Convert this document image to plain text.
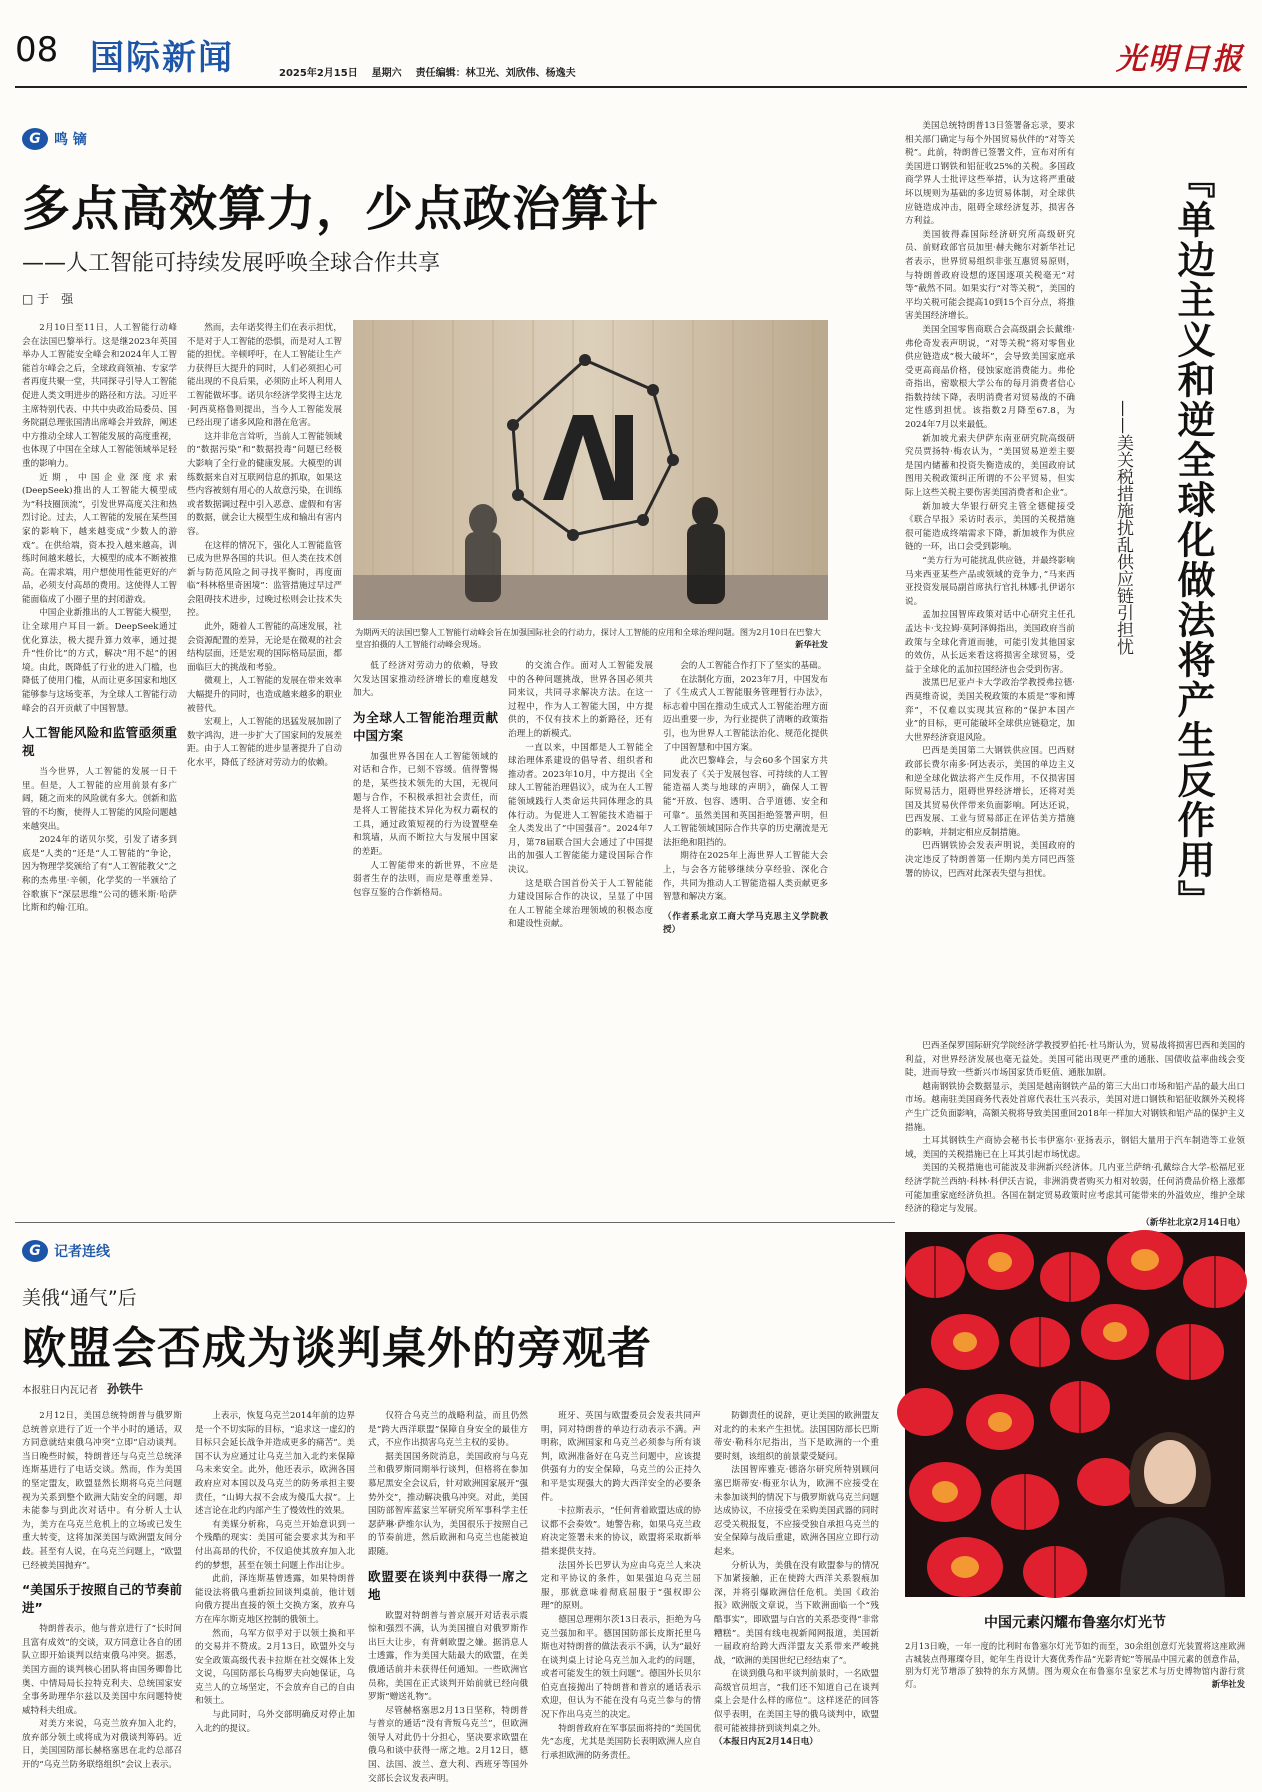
08 国际新闻	2025年2月15日 星期六 责任编辑：林卫光、刘欣伟、杨逸夫	光明日报
G 鸣 镝
多点高效算力，少点政治算计
——人工智能可持续发展呼唤全球合作共享
□ 于　强

2月10日至11日，人工智能行动峰会在法国巴黎举行。这是继2023年英国举办人工智能安全峰会和2024年人工智能首尔峰会之后，全球政商领袖、专家学者再度共聚一堂，共同探寻引导人工智能促进人类文明进步的路径和方法。习近平主席特别代表、中共中央政治局委员、国务院副总理张国清出席峰会并致辞，阐述中方推动全球人工智能发展的高度重视，也体现了中国在全球人工智能领域举足轻重的影响力。

近期，中国企业深度求索(DeepSeek)推出的人工智能大模型成为“科技圈顶流”，引发世界高度关注和热烈讨论。过去，人工智能的发展在某些国家的影响下，越来越变成“少数人的游戏”。在供给端，资本投入越来越高，训练时间越来越长，大模型的成本不断被推高。在需求端，用户想使用性能更好的产品，必须支付高昂的费用。这使得人工智能面临成了小圈子里的封闭游戏。

中国企业新推出的人工智能大模型，让全球用户耳目一新。DeepSeek通过优化算法，极大提升算力效率，通过提升“性价比”的方式，解决“用不起”的困境。由此，既降低了行业的进入门槛，也降低了使用门槛，从而让更多国家和地区能够参与这场变革，为全球人工智能行动峰会的召开贡献了中国智慧。

人工智能风险和监管亟须重视

当今世界，人工智能的发展一日千里。但是，人工智能的应用前景有多广阔，随之而来的风险就有多大。创新和监管的不均衡，使得人工智能的风险问题越来越突出。

2024年的诺贝尔奖，引发了诸多到底是“人类的”还是“人工智能的”争论，因为物理学奖颁给了有“人工智能教父”之称的杰弗里·辛顿，化学奖的一半颁给了谷歌旗下“深层思维”公司的德米斯·哈萨比斯和约翰·江珀。

然而，去年诺奖得主们在表示担忧，不是对于人工智能的恐惧，而是对人工智能的担忧。辛顿呼吁，在人工智能让生产力获得巨大提升的同时，人们必须担心可能出现的不良后果，必须防止坏人利用人工智能做坏事。诺贝尔经济学奖得主达龙·阿西莫格鲁则提出，当今人工智能发展已经出现了诸多风险和潜在危害。

这并非危言耸听，当前人工智能领域的“数据污染”和“数据投毒”问题已经极大影响了全行业的健康发展。大模型的训练数据来自对互联网信息的抓取，如果这些内容被刻有用心的人故意污染，在训练或者数据调过程中引入恶意、虚假和有害的数据，就会让大模型生成和输出有害内容。

在这样的情况下，强化人工智能监管已成为世界各国的共识。但人类在技术创新与防范风险之间寻找平衡时，再度面临“科林格里奇困境”：监管措施过早过严会阻碍技术进步，过晚过松则会让技术失控。

此外，随着人工智能的高速发展，社会资源配置的差异，无论是在微观的社会结构层面，还是宏观的国际格局层面，都面临巨大的挑战和考验。

微观上，人工智能的发展在带来效率大幅提升的同时，也造成越来越多的职业被替代。

宏观上，人工智能的迅猛发展加剧了数字鸿沟，进一步扩大了国家间的发展差距。由于人工智能的进步显著提升了自动化水平，降低了经济对劳动力的依赖。

为期两天的法国巴黎人工智能行动峰会旨在加强国际社会的行动力，探讨人工智能的应用和全球治理问题。图为2月10日在巴黎大皇宫拍摄的人工智能行动峰会现场。	新华社发

低了经济对劳动力的依赖，导致欠发达国家推动经济增长的难度越发加大。

为全球人工智能治理贡献中国方案

加强世界各国在人工智能领域的对话和合作，已刻不容缓。值得警惕的是，某些技术领先的大国，无视问题与合作，不积极承担社会责任，而是将人工智能技术异化为权力霸权的工具，通过政策短视的行为设置壁垒和筑墙，从而不断拉大与发展中国家的差距。

人工智能带来的新世界，不应是弱者生存的法则，而应是尊重差异、包容互鉴的合作新格局。

的交流合作。面对人工智能发展中的各种问题挑战，世界各国必须共同来议，共同寻求解决方法。在这一过程中，作为人工智能大国，中方提供的，不仅有技术上的新路径，还有治理上的新模式。

一直以来，中国都是人工智能全球治理体系建设的倡导者、组织者和推动者。2023年10月，中方提出《全球人工智能治理倡议》，成为在人工智能领域践行人类命运共同体理念的具体行动。为促进人工智能技术造福于全人类发出了“中国强音”。2024年7月，第78届联合国大会通过了中国提出的加强人工智能能力建设国际合作决议。

这是联合国首份关于人工智能能力建设国际合作的决议，呈显了中国在人工智能全球治理领域的积极态度和建设性贡献。

会的人工智能合作打下了坚实的基础。

在法制化方面，2023年7月，中国发布了《生成式人工智能服务管理暂行办法》，标志着中国在推动生成式人工智能治理方面迈出重要一步，为行业提供了清晰的政策指引，也为世界人工智能法治化、规范化提供了中国智慧和中国方案。

此次巴黎峰会，与会60多个国家方共同发表了《关于发展包容、可持续的人工智能造福人类与地球的声明》，确保人工智能“开放、包容、透明、合乎道德、安全和可靠”。虽然美国和英国拒绝签署声明，但人工智能领域国际合作共享的历史潮流是无法拒绝和阻挡的。

期待在2025年上海世界人工智能大会上，与会各方能够继续分享经验、深化合作，共同为推动人工智能造福人类贡献更多智慧和解决方案。

（作者系北京工商大学马克思主义学院教授）

美国总统特朗普13日签署备忘录，要求相关部门确定与每个外国贸易伙伴的“对等关税”。此前，特朗普已签署文件，宣布对所有美国进口钢铁和铝征收25%的关税。多国政商学界人士批评这些举措，认为这将严重破坏以规则为基础的多边贸易体制，对全球供应链造成冲击，阻碍全球经济复苏，损害各方利益。

美国彼得森国际经济研究所高级研究员、前财政部官员加里·赫夫鲍尔对新华社记者表示，世界贸易组织非张互惠贸易原则，与特朗普政府设想的逐国逐项关税毫无“对等”截然不同。如果实行“对等关税”，美国的平均关税可能会提高10到15个百分点，将推害美国经济增长。

美国全国零售商联合会高级副会长戴维·弗伦奇发表声明说，“对等关税”将对零售业供应链造成“极大破坏”，会导致美国家庭承受更高商品价格，侵蚀家庭消费能力。弗伦奇指出，密歇根大学公布的每月消费者信心指数持续下降，表明消费者对贸易战的不确定性感到担忧。该指数2月降至67.8，为2024年7月以来最低。

新加坡尤索夫伊萨东南亚研究院高级研究员贾扬特·梅农认为，“美国贸易逆差主要是国内储蓄和投资失衡造成的，美国政府试图用关税政策纠正所谓的不公平贸易，但实际上这些关税主要伤害美国消费者和企业”。

新加坡大华银行研究主管全德健接受《联合早报》采访时表示，美国的关税措施很可能造成终端需求下降，新加坡作为供应链的一环，出口会受到影响。

“美方行为可能扰乱供应链，并最终影响马来西亚某些产品或领域的竞争力，”马来西亚投资发展局副首席执行官扎林娜·扎伊诺尔说。

孟加拉国智库政策对话中心研究主任孔孟达卡·戈拉姆·莫阿泽姆指出，美国政府当前政策与全球化背道而驰，可能引发其他国家的效仿，从长远来看这将损害全球贸易，受益于全球化的孟加拉国经济也会受到伤害。

波黑巴尼亚卢卡大学政治学教授弗拉德·西莫维奇说，美国关税政策的本质是“零和博弈”，不仅难以实现其宣称的“保护本国产业”的目标，更可能破坏全球供应链稳定，加大世界经济衰退风险。

巴西是美国第二大钢铁供应国。巴西财政部长费尔南多·阿达表示，美国的单边主义和逆全球化做法将产生反作用，不仅损害国际贸易活力，阻碍世界经济增长，还将对美国及其贸易伙伴带来负面影响。阿达还说，巴西发展、工业与贸易部正在评估美方措施的影响，并制定相应反制措施。

巴西钢铁协会发表声明说，美国政府的决定违反了特朗普第一任期内美方同巴西签署的协议，巴西对此深表失望与担忧。	『单边主义和逆全球化做法将产生反作用』
——美关税措施扰乱供应链引担忧

巴西圣保罗国际研究学院经济学教授罗伯托·杜马斯认为，贸易战将损害巴西和美国的利益，对世界经济发展也毫无益处。美国可能出现更严重的通胀、国债收益率曲线会变陡，进而导致一些新兴市场国家货币贬值、通胀加剧。

越南钢铁协会数据显示，美国是越南钢铁产品的第三大出口市场和铝产品的最大出口市场。越南驻美国商务代表处首席代表壮玉兴表示，美国对进口钢铁和铝征收额外关税将产生广泛负面影响，高额关税将导致美国重回2018年一样加大对钢铁和铝产品的保护主义措施。

土耳其钢铁生产商协会秘书长韦伊塞尔·亚扬表示，钢铝大量用于汽车制造等工业领域，美国的关税措施已在上耳其引起市场忧虑。

美国的关税措施也可能波及非洲新兴经济体。几内亚兰萨纳·孔戴综合大学-松福尼亚经济学院兰西纳·科林·科伊沃吉说，非洲消费者购买力相对较弱，任何消费品价格上涨都可能加重家庭经济负担。各国在制定贸易政策时应考虑其可能带来的外溢效应，维护全球经济的稳定与发展。

（新华社北京2月14日电）
G 记者连线
美俄“通气”后
欧盟会否成为谈判桌外的旁观者
本报驻日内瓦记者 孙铁牛

2月12日，美国总统特朗普与俄罗斯总统普京进行了近一个半小时的通话，双方同意就结束俄乌冲突“立即”启动谈判。当日晚些时候，特朗普还与乌克兰总统泽连斯基进行了电话交谈。然而，作为美国的坚定盟友，欧盟显然长期将乌克兰问题视为关系到整个欧洲大陆安全的问题，却未能参与到此次对话中。有分析人士认为，美方在乌克兰危机上的立场或已发生重大转变，这将加深美国与欧洲盟友间分歧。甚至有人说，在乌克兰问题上，“欧盟已经被美国抛弃”。

“美国乐于按照自己的节奏前进”

特朗普表示，他与普京进行了“长时间且富有成效”的交谈，双方同意让各自的团队立即开始谈判以结束俄乌冲突。据悉，美国方面的谈判核心团队将由国务卿鲁比奥、中情局局长拉特克利夫、总统国家安全事务助理华尔兹以及美国中东问题特使威特科夫组成。

对美方来说，乌克兰放弃加入北约，放弃部分领土或将成为对俄谈判筹码。近日，美国国防部长赫格塞思在北约总部召开的“乌克兰防务联络组织”会议上表示。

上表示，恢复乌克兰2014年前的边界是一个不切实际的目标，“追求这一虚幻的目标只会延长战争并造成更多的痛苦”。美国不认为应通过让乌克兰加入北约来保障乌未来安全。此外，他还表示，欧洲各国政府应对本国以及乌克兰的防务承担主要责任，“山姆大叔不会成为傻瓜大叔”。上述言论在北约内部产生了慢效性的效果。

有美媒分析称，乌克兰开始意识到一个残酷的现实：美国可能会要求其为和平付出高昂的代价，不仅追使其放弃加入北约的梦想，甚至在领土问题上作出让步。

此前，泽连斯基曾透露，如果特朗普能设法将俄乌重新拉回谈判桌前，他计划向俄方提出直接的领土交换方案，放弃乌方在库尔斯克地区控制的俄领土。

然而，乌军方似乎对于以领土换和平的交易并不赞成。2月13日，欧盟外交与安全政策高级代表卡拉斯在社交媒体上发文说，乌国防部长乌梅罗夫向她保证，乌克兰人的立场坚定，不会放弃自己的自由和领土。

与此同时，乌外交部明确反对停止加入北约的提议。

仅符合乌克兰的战略利益，而且仍然是“跨大西洋联盟”保障自身安全的最佳方式，不应作出损害乌克兰主权的妥协。

据美国国务院消息，美国政府与乌克兰和俄罗斯同期举行谈判，但格将在参加慕尼黑安全会议后，针对欧洲国家展开“强势外交”，推动解决俄乌冲突。对此，美国国防部智库蓝家兰军研究所军事科学主任瑟萨琳·萨维尔认为，美国很乐于按照自己的节奏前进，然后欧洲和乌克兰也能被迫跟随。

欧盟要在谈判中获得一席之地

欧盟对特朗普与普京展开对话表示震惊和强烈不满，认为美国擅自对俄罗斯作出巨大让步，有背刺欧盟之嫌。据消息人士透露，作为美国大陆最大的欧盟，在美俄通话前并未获得任何通知。一些欧洲官员称，美国在正式谈判开始前就已经向俄罗斯“赠送礼物”。

尽管赫格塞思2月13日坚称，特朗普与普京的通话“没有背叛乌克兰”，但欧洲领导人对此仍十分担心，坚决要求欧盟在俄乌和谈中获得一席之地。2月12日，德国、法国、波兰、意大利、西班牙等国外交部长会议发表声明。

班牙、英国与欧盟委员会发表共同声明，同对特朗普的单边行动表示不满。声明称，欧洲国家和乌克兰必须参与所有谈判，欧洲准备好在乌克兰问题中，应该提供强有力的安全保障，乌克兰的公正持久和平是实现强大的跨大西洋安全的必要条件。

卡拉斯表示，“任何背着欧盟达成的协议都不会奏效”。她警告称，如果乌克兰政府决定签署未来的协议，欧盟将采取新举措来提供支持。

法国外长巴罗认为应由乌克兰人来决定和平协议的条件，如果强迫乌克兰屈服，那就意味着彻底屈服于“强权即公理”的原则。

德国总理朔尔茨13日表示，拒绝为乌克兰强加和平。德国国防部长皮斯托里乌斯也对特朗普的做法表示不满，认为“最好在谈判桌上讨论乌克兰加入北约的问题，或者可能发生的领土问题”。德国外长贝尔伯克直接抛出了特朗普和普京的通话表示欢迎，但认为不能在没有乌克兰参与的情况下作出乌克兰的决定。

特朗普政府在军事层面将持的“美国优先”态度，尤其是美国防长表明欧洲人应自行承担欧洲的防务责任。

防御责任的说辞，更让美国的欧洲盟友对北约的未来产生担忧。法国国防部长巴斯蒂安·勒科尔尼指出，当下是欧洲的一个重要时刻，该组织的前景蒙受疑问。

法国智库雅克·德洛尔研究所特别顾问塞巴斯蒂安·梅亚尔认为，欧洲不应接受在未参加谈判的情况下与俄罗斯就乌克兰问题达成协议，不应接受在采购美国武器的同时忍受关税报复，不应接受独自承担乌克兰的安全保障与战后重建，欧洲各国应立即行动起来。

分析认为，美俄在没有欧盟参与的情况下加紧接触，正在使跨大西洋关系裂痕加深，并将引爆欧洲信任危机。美国《政治报》欧洲版文章说，当下欧洲面临一个“残酷事实”，即欧盟与白宫的关系恐变得“非常糟糕”。美国有线电视新闻网报道，美国新一届政府给跨大西洋盟友关系带来严峻挑战，“欧洲的美国世纪已经结束了”。

在谈到俄乌和平谈判前景时，一名欧盟高级官员坦言，“我们还不知道自己在谈判桌上会是什么样的席位”。这样迷茫的回答似乎表明，在美国主导的俄乌谈判中，欧盟很可能被排挤到谈判桌之外。

（本报日内瓦2月14日电）
中国元素闪耀布鲁塞尔灯光节
2月13日晚，一年一度的比利时布鲁塞尔灯光节如约而至，30余组创意灯光装置将这座欧洲古城装点得璀璨夺目，蛇年生肖设计大赛优秀作品“光影青蛇”等展品中国元素的创意作品，别为灯光节增添了独特的东方风情。图为观众在布鲁塞尔皇家艺术与历史博物馆内游行赏灯。	新华社发
